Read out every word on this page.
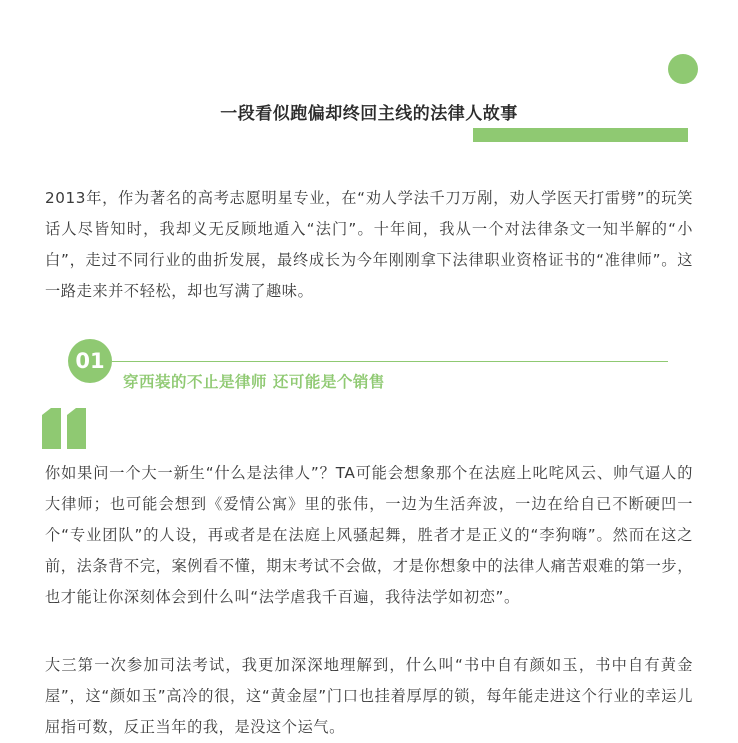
一段看似跑偏却终回主线的法律人故事

2013年，作为著名的高考志愿明星专业，在“劝人学法千刀万剐，劝人学医天打雷劈”的玩笑话人尽皆知时，我却义无反顾地遁入“法门”。十年间，我从一个对法律条文一知半解的“小白”，走过不同行业的曲折发展，最终成长为今年刚刚拿下法律职业资格证书的“准律师”。这一路走来并不轻松，却也写满了趣味。

01
穿西装的不止是律师 还可能是个销售

你如果问一个大一新生“什么是法律人”？TA可能会想象那个在法庭上叱咤风云、帅气逼人的大律师；也可能会想到《爱情公寓》里的张伟，一边为生活奔波，一边在给自已不断硬凹一个“专业团队”的人设，再或者是在法庭上风骚起舞，胜者才是正义的“李狗嗨”。然而在这之前，法条背不完，案例看不懂，期末考试不会做，才是你想象中的法律人痛苦艰难的第一步，也才能让你深刻体会到什么叫“法学虐我千百遍，我待法学如初恋”。

大三第一次参加司法考试，我更加深深地理解到，什么叫“书中自有颜如玉，书中自有黄金屋”，这“颜如玉”高冷的很，这“黄金屋”门口也挂着厚厚的锁，每年能走进这个行业的幸运儿屈指可数，反正当年的我，是没这个运气。
